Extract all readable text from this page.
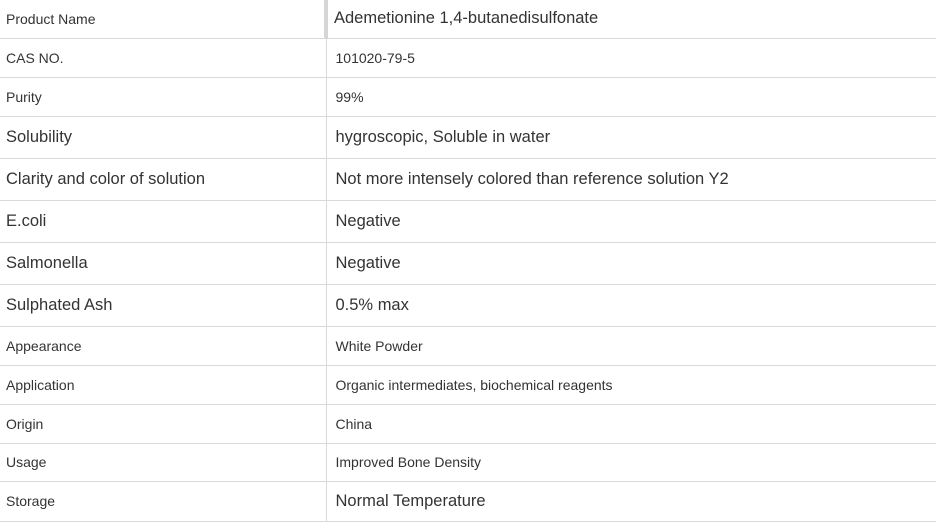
Product Name	Ademetionine 1,4-butanedisulfonate
CAS NO.	101020-79-5
Purity	99%
Solubility	hygroscopic, Soluble in water
Clarity and color of solution	Not more intensely colored than reference solution Y2
E.coli	Negative
Salmonella	Negative
Sulphated Ash	0.5% max
Appearance	White Powder
Application	Organic intermediates, biochemical reagents
Origin	China
Usage	Improved Bone Density
Storage	Normal Temperature
